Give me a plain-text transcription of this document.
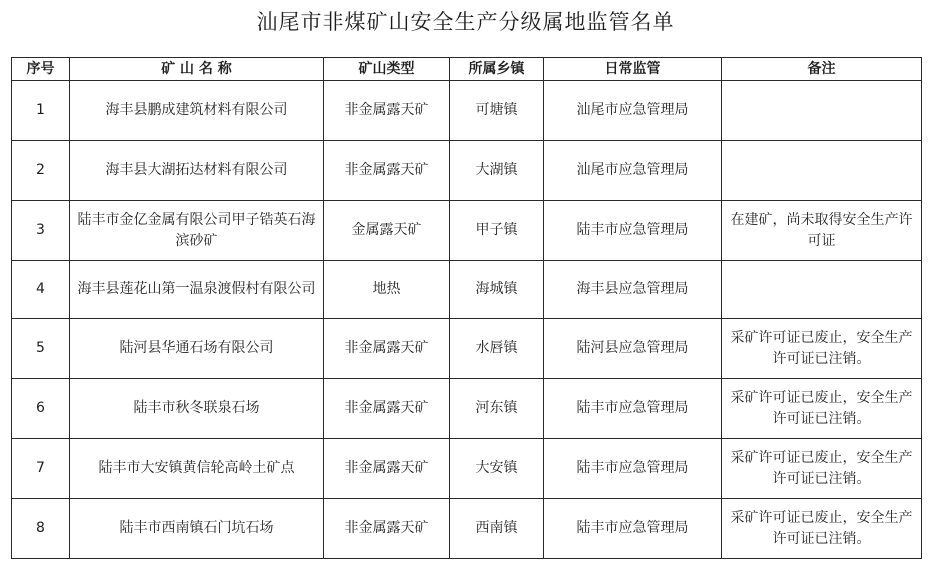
汕尾市非煤矿山安全生产分级属地监管名单
序号	矿 山 名 称	矿山类型	所属乡镇	日常监管	备注
1	海丰县鹏成建筑材料有限公司	非金属露天矿	可塘镇	汕尾市应急管理局	
2	海丰县大湖拓达材料有限公司	非金属露天矿	大湖镇	汕尾市应急管理局	
3	陆丰市金亿金属有限公司甲子锆英石海滨砂矿	金属露天矿	甲子镇	陆丰市应急管理局	在建矿，尚未取得安全生产许可证
4	海丰县莲花山第一温泉渡假村有限公司	地热	海城镇	海丰县应急管理局	
5	陆河县华通石场有限公司	非金属露天矿	水唇镇	陆河县应急管理局	采矿许可证已废止，安全生产许可证已注销。
6	陆丰市秋冬联泉石场	非金属露天矿	河东镇	陆丰市应急管理局	采矿许可证已废止，安全生产许可证已注销。
7	陆丰市大安镇黄信轮高岭土矿点	非金属露天矿	大安镇	陆丰市应急管理局	采矿许可证已废止，安全生产许可证已注销。
8	陆丰市西南镇石门坑石场	非金属露天矿	西南镇	陆丰市应急管理局	采矿许可证已废止，安全生产许可证已注销。
